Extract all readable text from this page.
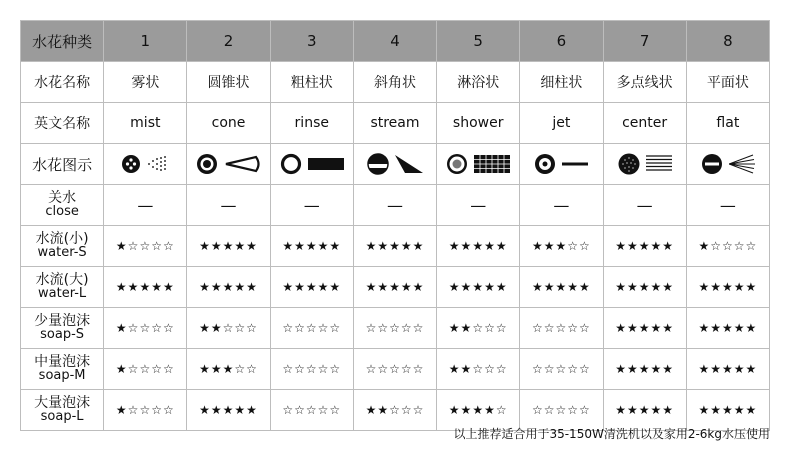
水花种类	1	2	3	4	5	6	7	8
水花名称	雾状	圆锥状	粗柱状	斜角状	淋浴状	细柱状	多点线状	平面状
英文名称	mist	cone	rinse	stream	shower	jet	center	flat
水花图示	

关水
close	—	—	—	—	—	—	—	—

水流(小)
water-S	★☆☆☆☆	★★★★★	★★★★★	★★★★★	★★★★★	★★★☆☆	★★★★★	★☆☆☆☆

水流(大)
water-L	★★★★★	★★★★★	★★★★★	★★★★★	★★★★★	★★★★★	★★★★★	★★★★★

少量泡沫
soap-S	★☆☆☆☆	★★☆☆☆	☆☆☆☆☆	☆☆☆☆☆	★★☆☆☆	☆☆☆☆☆	★★★★★	★★★★★

中量泡沫
soap-M	★☆☆☆☆	★★★☆☆	☆☆☆☆☆	☆☆☆☆☆	★★☆☆☆	☆☆☆☆☆	★★★★★	★★★★★

大量泡沫
soap-L	★☆☆☆☆	★★★★★	☆☆☆☆☆	★★☆☆☆	★★★★☆	☆☆☆☆☆	★★★★★	★★★★★
以上推荐适合用于35-150W清洗机以及家用2-6kg水压使用
